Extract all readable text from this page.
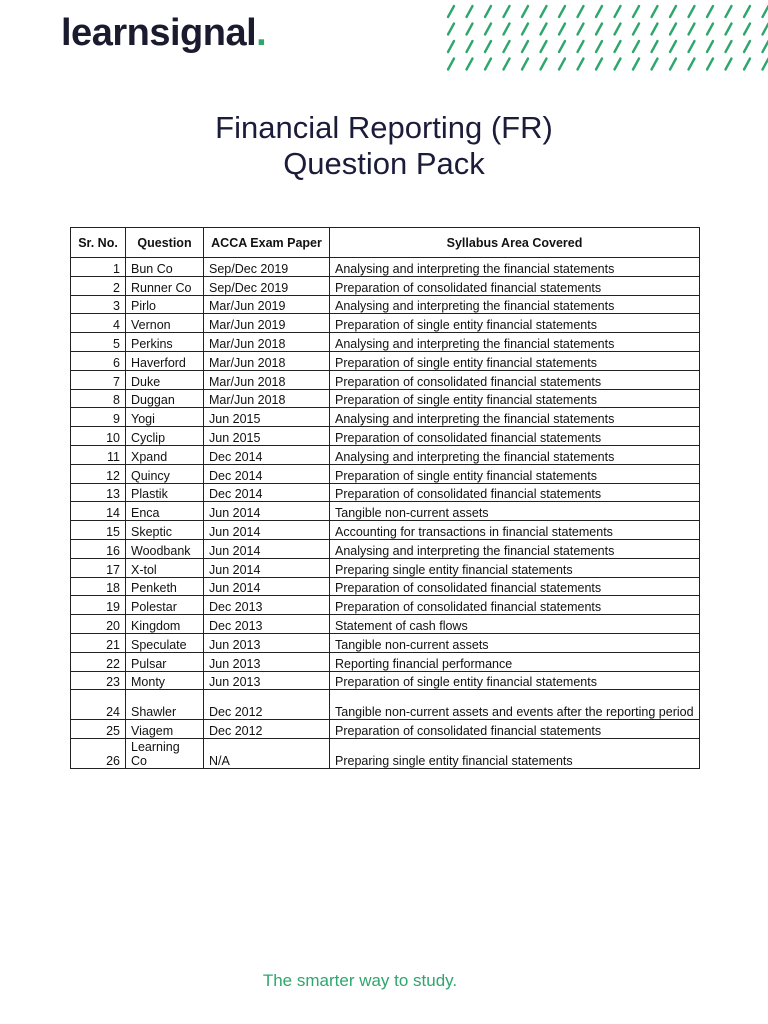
learnsignal.
Financial Reporting (FR)
Question Pack
Sr. No.	Question	ACCA Exam Paper	Syllabus Area Covered
1	Bun Co	Sep/Dec 2019	Analysing and interpreting the financial statements
2	Runner Co	Sep/Dec 2019	Preparation of consolidated financial statements
3	Pirlo	Mar/Jun 2019	Analysing and interpreting the financial statements
4	Vernon	Mar/Jun 2019	Preparation of single entity financial statements
5	Perkins	Mar/Jun 2018	Analysing and interpreting the financial statements
6	Haverford	Mar/Jun 2018	Preparation of single entity financial statements
7	Duke	Mar/Jun 2018	Preparation of consolidated financial statements
8	Duggan	Mar/Jun 2018	Preparation of single entity financial statements
9	Yogi	Jun 2015	Analysing and interpreting the financial statements
10	Cyclip	Jun 2015	Preparation of consolidated financial statements
11	Xpand	Dec 2014	Analysing and interpreting the financial statements
12	Quincy	Dec 2014	Preparation of single entity financial statements
13	Plastik	Dec 2014	Preparation of consolidated financial statements
14	Enca	Jun 2014	Tangible non-current assets
15	Skeptic	Jun 2014	Accounting for transactions in financial statements
16	Woodbank	Jun 2014	Analysing and interpreting the financial statements
17	X-tol	Jun 2014	Preparing single entity financial statements
18	Penketh	Jun 2014	Preparation of consolidated financial statements
19	Polestar	Dec 2013	Preparation of consolidated financial statements
20	Kingdom	Dec 2013	Statement of cash flows
21	Speculate	Jun 2013	Tangible non-current assets
22	Pulsar	Jun 2013	Reporting financial performance
23	Monty	Jun 2013	Preparation of single entity financial statements
24	Shawler	Dec 2012	Tangible non-current assets and events after the reporting period
25	Viagem	Dec 2012	Preparation of consolidated financial statements
26	Learning Co	N/A	Preparing single entity financial statements
The smarter way to study.
